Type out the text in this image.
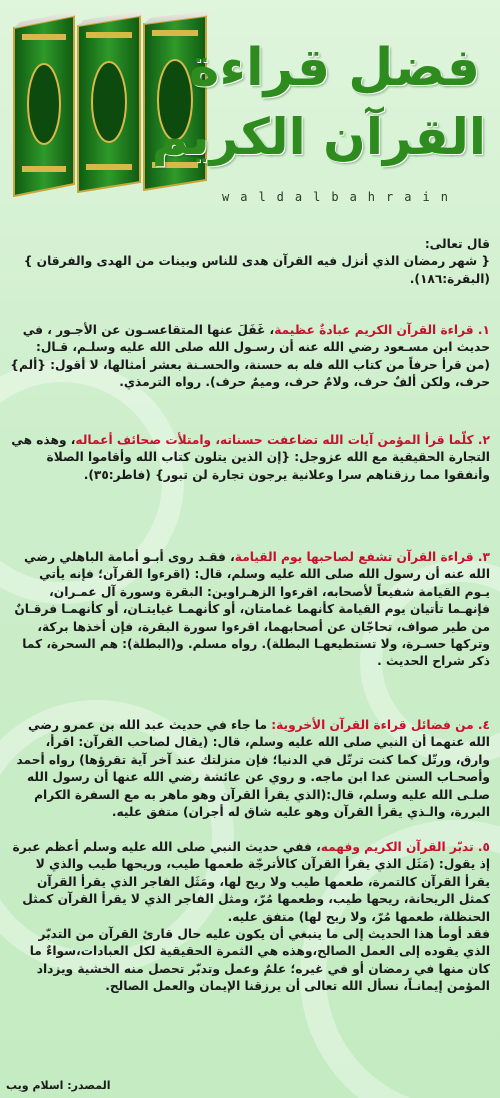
فضل قراءة
القرآن الكريم
waldalbahrain
قال تعالى:
{ شهر رمضان الذي أنزل فيه القرآن هدى للناس وبينات من الهدى والفرقان } (البقرة:١٨٦).
١. قراءة القرآن الكريم عبادةٌ عظيمة، غَفَلَ عنها المتقاعسـون عن الأجـور ، في حديث ابن مسـعود رضي الله عنه أن رسـول الله صلى الله عليه وسلـم، قـال: (من قرأ حرفاً من كتاب الله فله به حسنة، والحسـنة بعشر أمثالها، لا أقول: {ألم} حرف، ولكن ألفٌ حرف، ولامٌ حرف، وميمٌ حرف). رواه الترمذي.
٢. كلّما قرأ المؤمن آيات الله تضاعفت حسناته، وامتلأت صحائف أعماله، وهذه هي التجارة الحقيقية مع الله عزوجل: {إن الذين يتلون كتاب الله وأقاموا الصلاة وأنفقوا مما رزقناهم سرا وعلانية يرجون تجارة لن تبور} (فاطر:٣٥).
٣. قراءة القرآن تشفع لصاحبها يوم القيامة، فقـد روى أبـو أمامة الباهلي رضي الله عنه أن رسول الله صلى الله عليه وسلم، قال: (اقرءوا القرآن؛ فإنه يأتي يـوم القيامة شفيعاً لأصحابه، اقرءوا الزهـراوين: البقرة وسورة آل عمـران، فإنهـما تأتيان يوم القيامة كأنهما غمامتان، أو كأنهمـا غيايتـان، أو كأنهمـا فرقـانٌ من طير صواف، تحاجّان عن أصحابهما، اقرءوا سورة البقرة، فإن أخذها بركة، وتركها حسـرة، ولا تستطيعهـا البطلة). رواه مسلم. و(البطلة): هم السحرة، كما ذكر شراح الحديث .
٤. من فضائل قراءة القرآن الأخروية: ما جاء في حديث عبد الله بن عمرو رضي الله عنهما أن النبي صلى الله عليه وسلم، قال: (يقال لصاحب القرآن: اقرأ، وارق، ورتّل كما كنت ترتّل في الدنيا؛ فإن منزلتك عند آخر آية تقرؤها) رواه أحمد وأصحـاب السنن عدا ابن ماجه. و روي عن عائشة رضي الله عنها أن رسول الله صلـى الله عليه وسلم، قال:(الذي يقرأ القرآن وهو ماهر به مع السفرة الكرام البررة، والـذي يقرأ القرآن وهو عليه شاق له أجران) متفق عليه.
٥. تدبّر القرآن الكريم وفهمه، ففي حديث النبي صلى الله عليه وسلم أعظم عبرة إذ يقول: (مَثَل الذي يقرأ القرآن كالأترجّة طعمها طيب، وريحها طيب والذي لا يقرأ القرآن كالتمرة، طعمها طيب ولا ريح لها، ومَثَل الفاجر الذي يقرأ القرآن كمثل الريحانة، ريحها طيب، وطعمها مُرّ، ومثل الفاجر الذي لا يقرأ القرآن كمثل الحنظلة، طعمها مُرّ، ولا ريح لها) متفق عليه.
فقد أومأ هذا الحديث إلى ما ينبغي أن يكون عليه حال قارئ القرآن من التدبّر الذي يقوده إلى العمل الصالح،وهذه هي الثمرة الحقيقية لكل العبادات،سواءٌ ما كان منها في رمضان أو في غيره؛ علمٌ وعمل وتدبّر تحصل منه الخشية ويزداد المؤمن إيمانـاً، نسأل الله تعالى أن يرزقنا الإيمان والعمل الصالح.
المصدر: اسلام ويب
